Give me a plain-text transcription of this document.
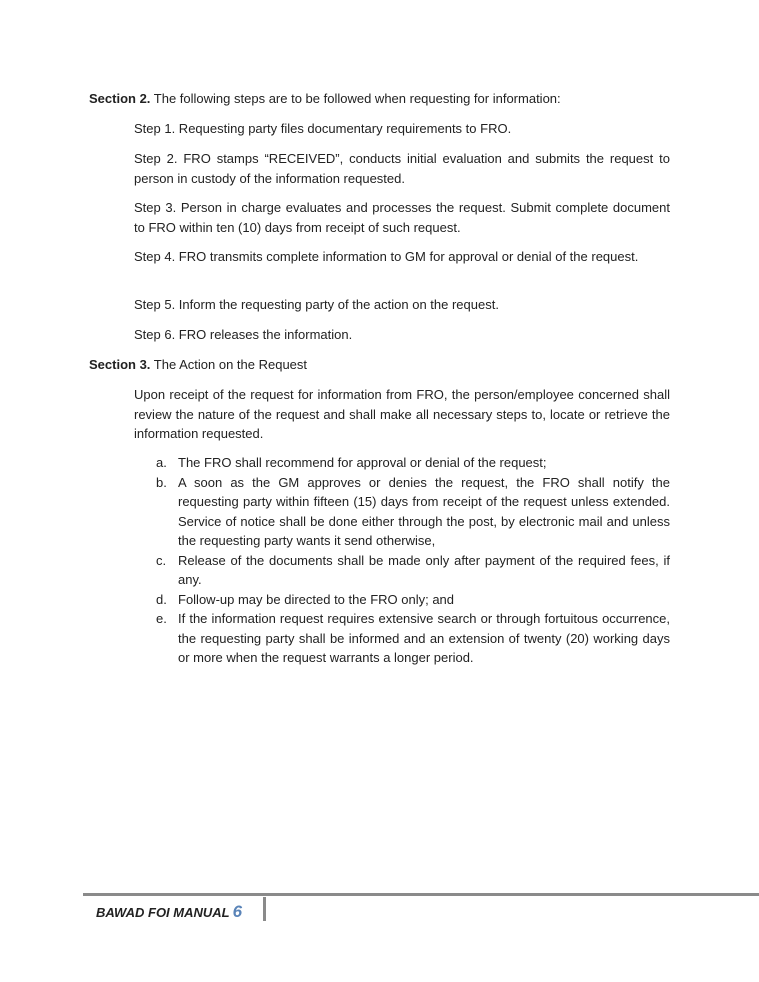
Section 2. The following steps are to be followed when requesting for information:
Step 1. Requesting party files documentary requirements to FRO.
Step 2. FRO stamps “RECEIVED”, conducts initial evaluation and submits the request to person in custody of the information requested.
Step 3. Person in charge evaluates and processes the request. Submit complete document to FRO within ten (10) days from receipt of such request.
Step 4. FRO transmits complete information to GM for approval or denial of the request.
Step 5. Inform the requesting party of the action on the request.
Step 6. FRO releases the information.
Section 3. The Action on the Request
Upon receipt of the request for information from FRO, the person/employee concerned shall review the nature of the request and shall make all necessary steps to, locate or retrieve the information requested.
a. The FRO shall recommend for approval or denial of the request;
b. A soon as the GM approves or denies the request, the FRO shall notify the requesting party within fifteen (15) days from receipt of the request unless extended. Service of notice shall be done either through the post, by electronic mail and unless the requesting party wants it send otherwise,
c. Release of the documents shall be made only after payment of the required fees, if any.
d. Follow-up may be directed to the FRO only; and
e. If the information request requires extensive search or through fortuitous occurrence, the requesting party shall be informed and an extension of twenty (20) working days or more when the request warrants a longer period.
BAWAD FOI MANUAL 6
